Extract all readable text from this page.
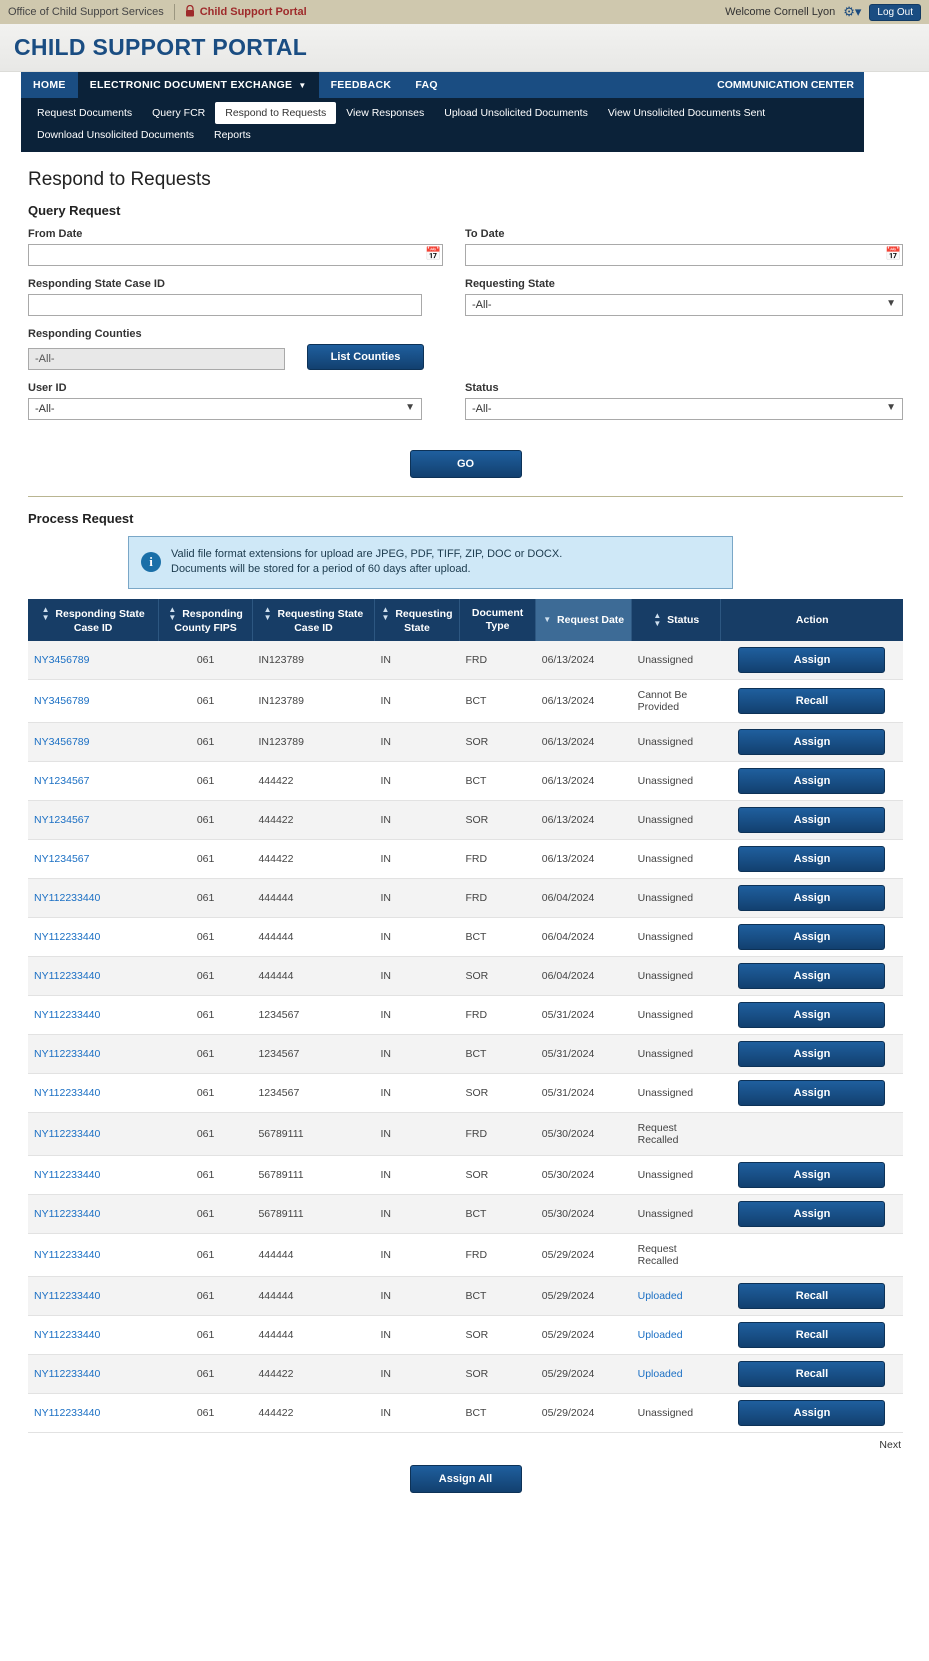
Office of Child Support Services	Child Support Portal	Welcome Cornell Lyon ⚙▾	Log Out
CHILD SUPPORT PORTAL
HOME	ELECTRONIC DOCUMENT EXCHANGE ▼	FEEDBACK	FAQ	COMMUNICATION CENTER
Request Documents	Query FCR	Respond to Requests	View Responses	Upload Unsolicited Documents	View Unsolicited Documents Sent
Download Unsolicited Documents	Reports
Respond to Requests
Query Request
From Date
📅
To Date
📅
Responding State Case ID	Requesting State
-All-
▼
Responding Counties
-All-
List Counties
User ID
-All-
▼
Status
-All-
▼
GO
Process Request
i
Valid file format extensions for upload are JPEG, PDF, TIFF, ZIP, DOC or DOCX.
Documents will be stored for a period of 60 days after upload.
▲
▼ Responding State Case ID	▲
▼ Responding County FIPS	▲
▼ Requesting State Case ID	▲
▼ Requesting State	Document Type	▼ Request Date	▲
▼ Status	Action
NY3456789	061	IN123789	IN	FRD	06/13/2024	Unassigned	Assign

NY3456789	061	IN123789	IN	BCT	06/13/2024	Cannot Be Provided	Recall

NY3456789	061	IN123789	IN	SOR	06/13/2024	Unassigned	Assign

NY1234567	061	444422	IN	BCT	06/13/2024	Unassigned	Assign

NY1234567	061	444422	IN	SOR	06/13/2024	Unassigned	Assign

NY1234567	061	444422	IN	FRD	06/13/2024	Unassigned	Assign

NY112233440	061	444444	IN	FRD	06/04/2024	Unassigned	Assign

NY112233440	061	444444	IN	BCT	06/04/2024	Unassigned	Assign

NY112233440	061	444444	IN	SOR	06/04/2024	Unassigned	Assign

NY112233440	061	1234567	IN	FRD	05/31/2024	Unassigned	Assign

NY112233440	061	1234567	IN	BCT	05/31/2024	Unassigned	Assign

NY112233440	061	1234567	IN	SOR	05/31/2024	Unassigned	Assign

NY112233440	061	56789111	IN	FRD	05/30/2024	Request Recalled	
NY112233440	061	56789111	IN	SOR	05/30/2024	Unassigned	Assign

NY112233440	061	56789111	IN	BCT	05/30/2024	Unassigned	Assign

NY112233440	061	444444	IN	FRD	05/29/2024	Request Recalled	
NY112233440	061	444444	IN	BCT	05/29/2024	Uploaded	Recall

NY112233440	061	444444	IN	SOR	05/29/2024	Uploaded	Recall

NY112233440	061	444422	IN	SOR	05/29/2024	Uploaded	Recall

NY112233440	061	444422	IN	BCT	05/29/2024	Unassigned	Assign
Next
Assign All
